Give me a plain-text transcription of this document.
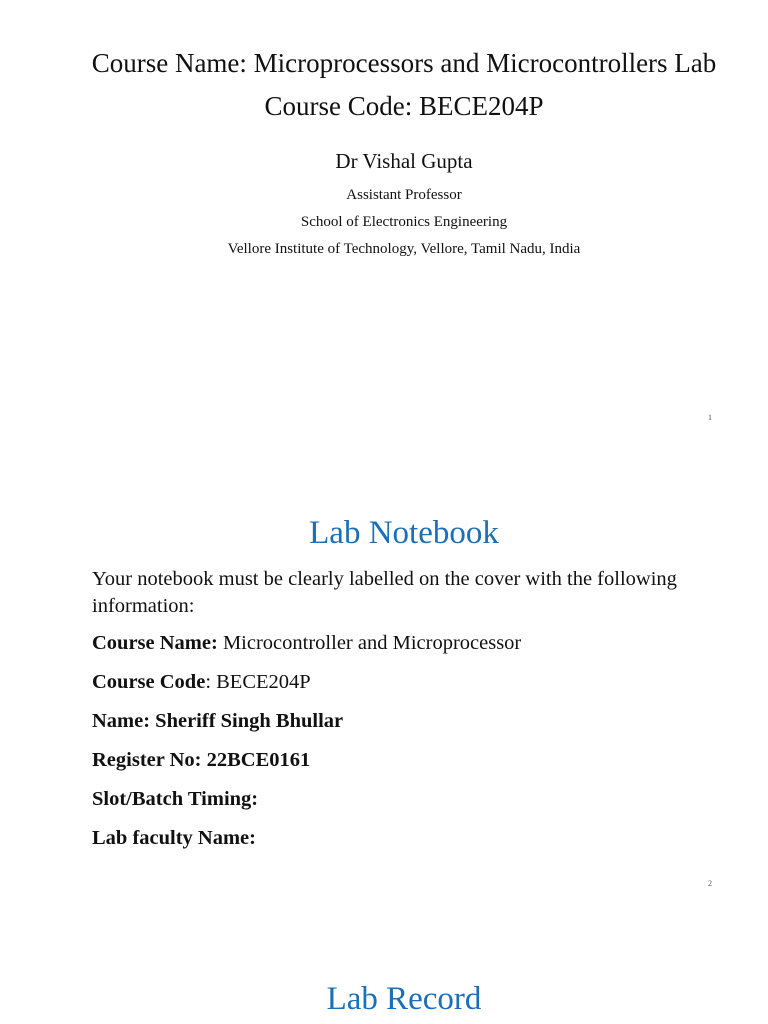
Course Name: Microprocessors and Microcontrollers Lab
Course Code: BECE204P
Dr Vishal Gupta
Assistant Professor
School of Electronics Engineering
Vellore Institute of Technology, Vellore, Tamil Nadu, India
1
Lab Notebook
Your notebook must be clearly labelled on the cover with the following information:
Course Name: Microcontroller and Microprocessor
Course Code: BECE204P
Name: Sheriff Singh Bhullar
Register No: 22BCE0161
Slot/Batch Timing:
Lab faculty Name:
2
Lab Record
